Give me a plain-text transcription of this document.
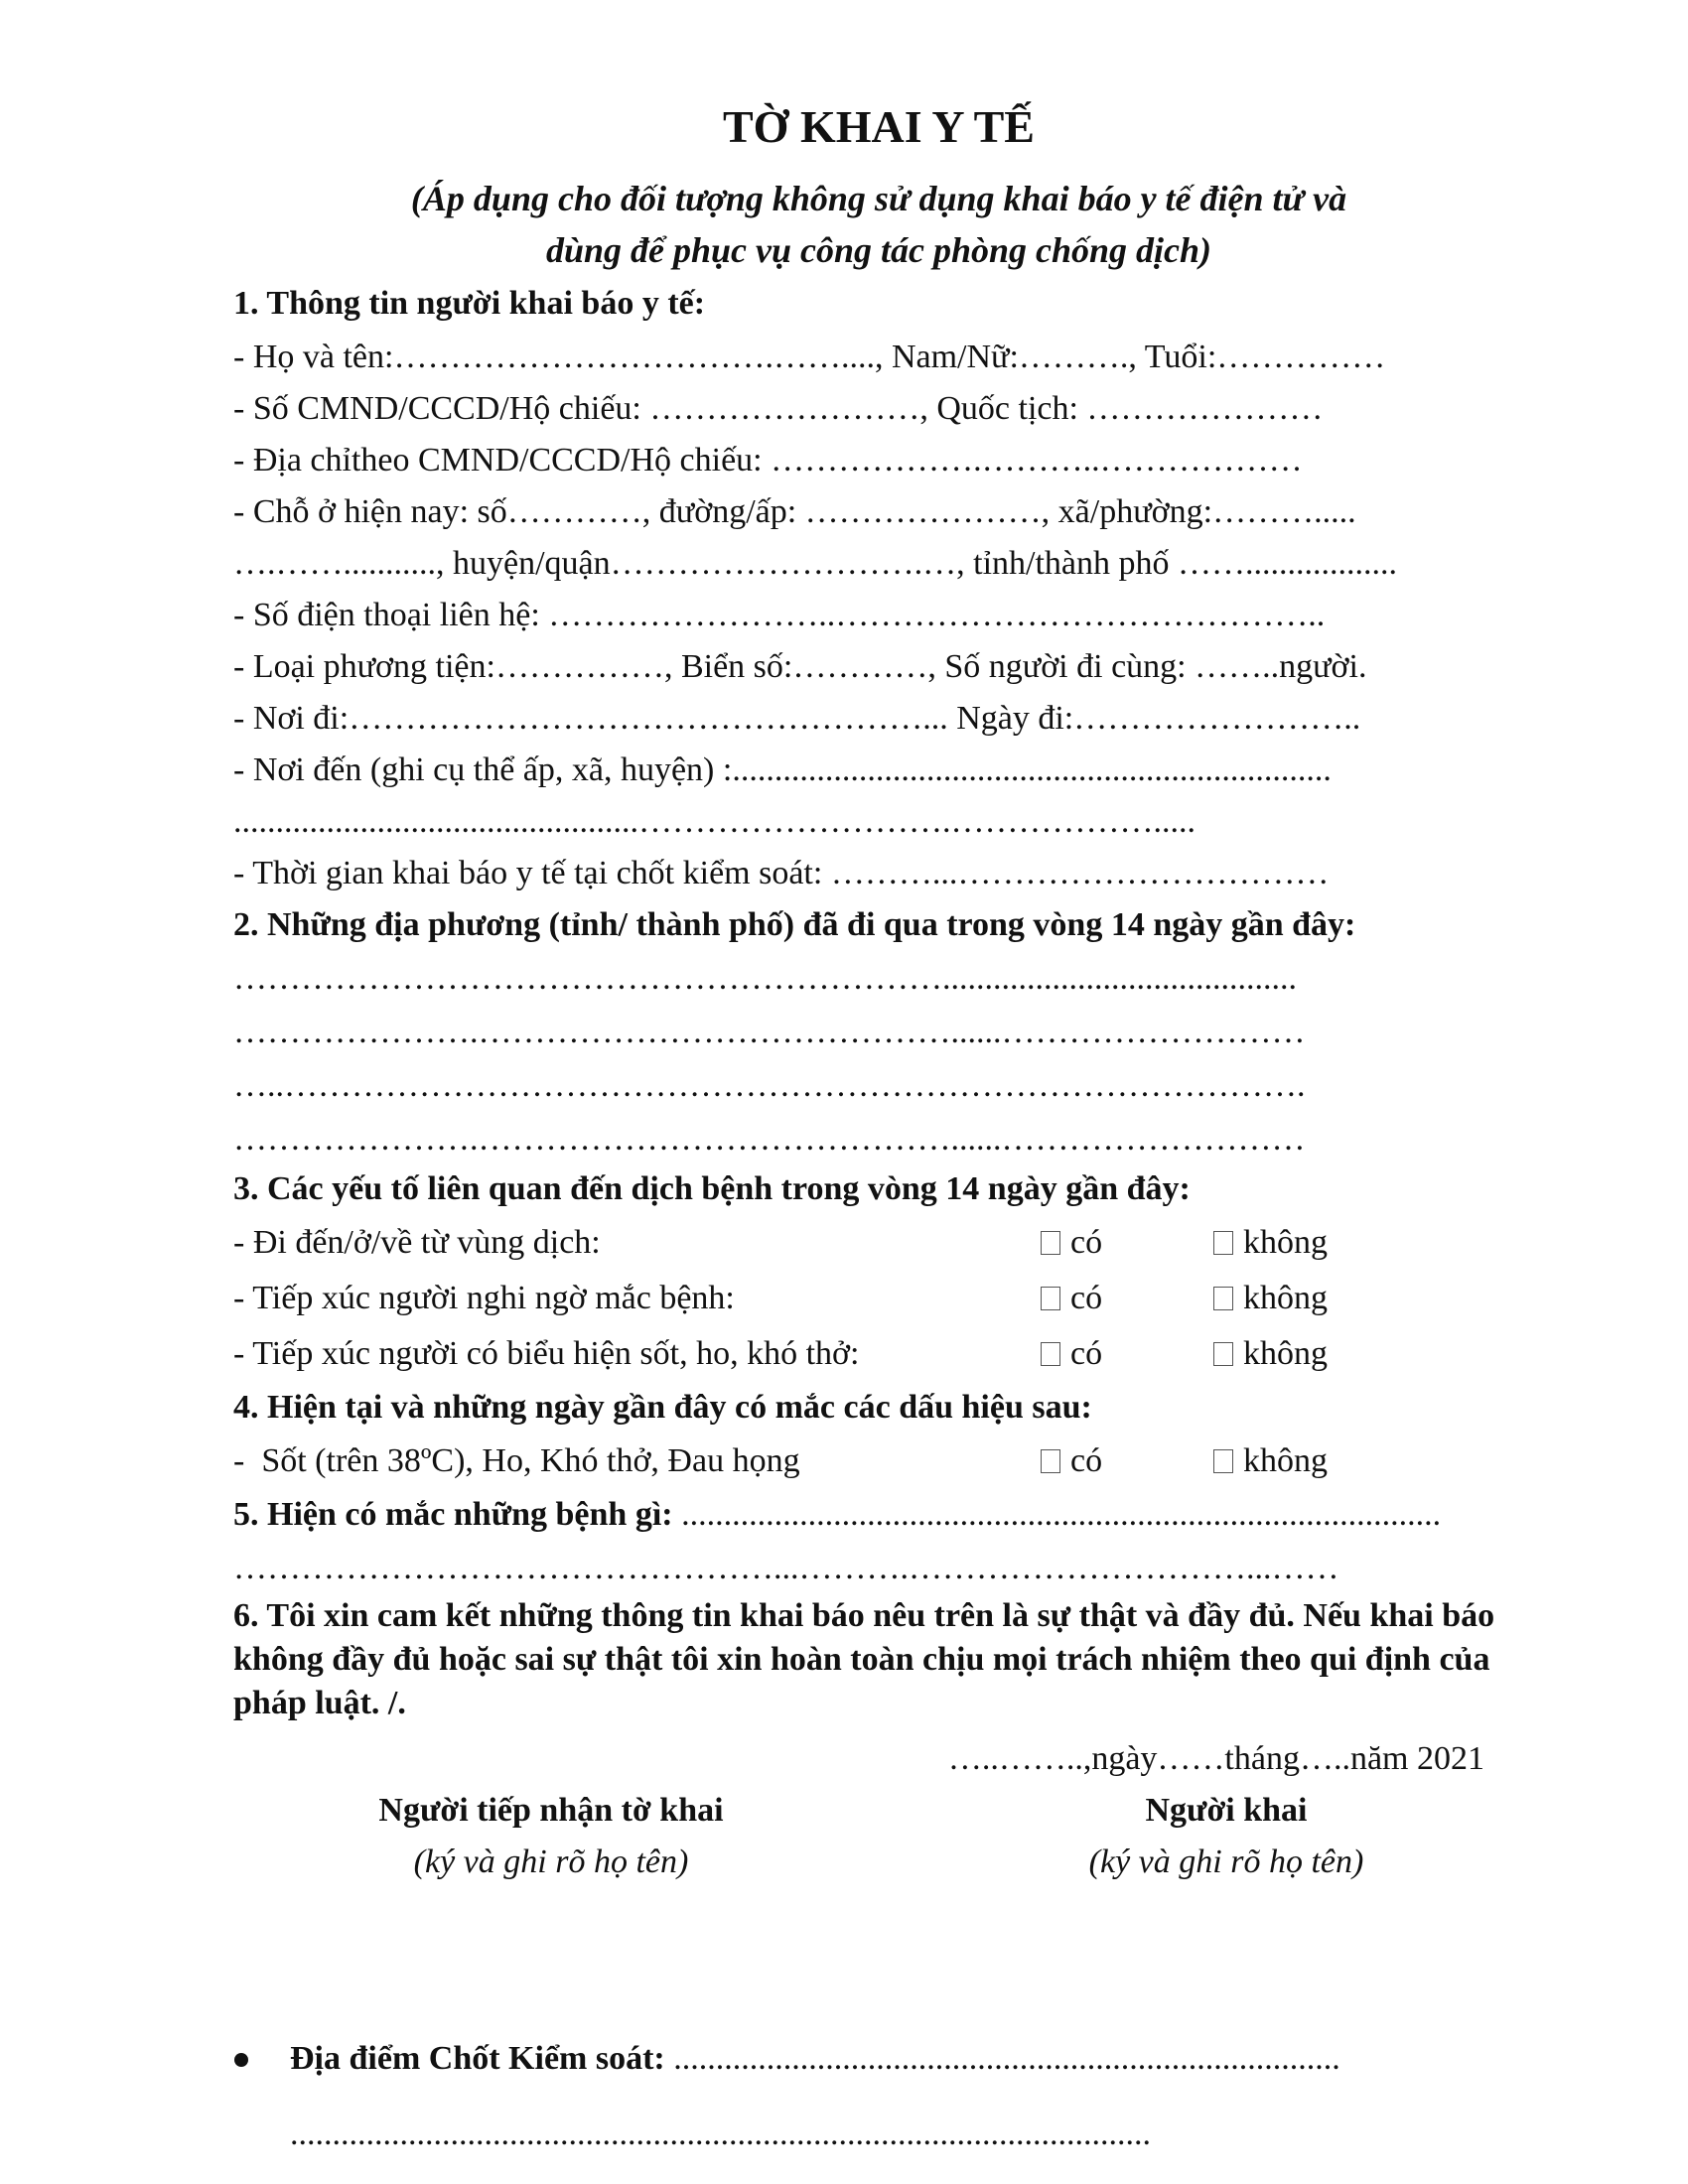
TỜ KHAI Y TẾ
(Áp dụng cho đối tượng không sử dụng khai báo y tế điện tử và
dùng để phục vụ công tác phòng chống dịch)
1. Thông tin người khai báo y tế:
- Họ và tên:…………………………….……...., Nam/Nữ:………., Tuổi:……………
- Số CMND/CCCD/Hộ chiếu: ……………………, Quốc tịch: …………………
- Địa chỉtheo CMND/CCCD/Hộ chiếu: ……………….………..………………
- Chỗ ở hiện nay: số…………, đường/ấp: …………………, xã/phường:……….....
….……..........., huyện/quận……………………….…, tỉnh/thành phố ……..................
- Số điện thoại liên hệ: ……………………..……………………………………..
- Loại phương tiện:……………, Biển số:…………, Số người đi cùng: ……..người.
- Nơi đi:……………………………………………... Ngày đi:……………………..
- Nơi đến (ghi cụ thể ấp, xã, huyện) :.......................................................................
................................................……………………….……………….....
- Thời gian khai báo y tế tại chốt kiểm soát: ………...……………………………
2. Những địa phương (tỉnh/ thành phố) đã đi qua trong vòng 14 ngày gần đây:
………………………………………………………..........................................
………………….……………………………………......………………………
…..……………………………………………………………………………….
………………….……………………………………......………………………
3. Các yếu tố liên quan đến dịch bệnh trong vòng 14 ngày gần đây:
- Đi đến/ở/về từ vùng dịch:	có	không
- Tiếp xúc người nghi ngờ mắc bệnh:	có	không
- Tiếp xúc người có biểu hiện sốt, ho, khó thở:	có	không
4. Hiện tại và những ngày gần đây có mắc các dấu hiệu sau:
-  Sốt (trên 38ºC), Ho, Khó thở, Đau họng	có	không
5. Hiện có mắc những bệnh gì: ..........................................................................................
…………………………………………...……….…………………………...……
6. Tôi xin cam kết những thông tin khai báo nêu trên là sự thật và đầy đủ. Nếu khai báo không đầy đủ hoặc sai sự thật tôi xin hoàn toàn chịu mọi trách nhiệm theo qui định của pháp luật. /.
…..……..,ngày……tháng…..năm 2021
Người tiếp nhận tờ khai
(ký và ghi rõ họ tên)
Người khai
(ký và ghi rõ họ tên)
Địa điểm Chốt Kiểm soát: ...............................................................................
......................................................................................................
